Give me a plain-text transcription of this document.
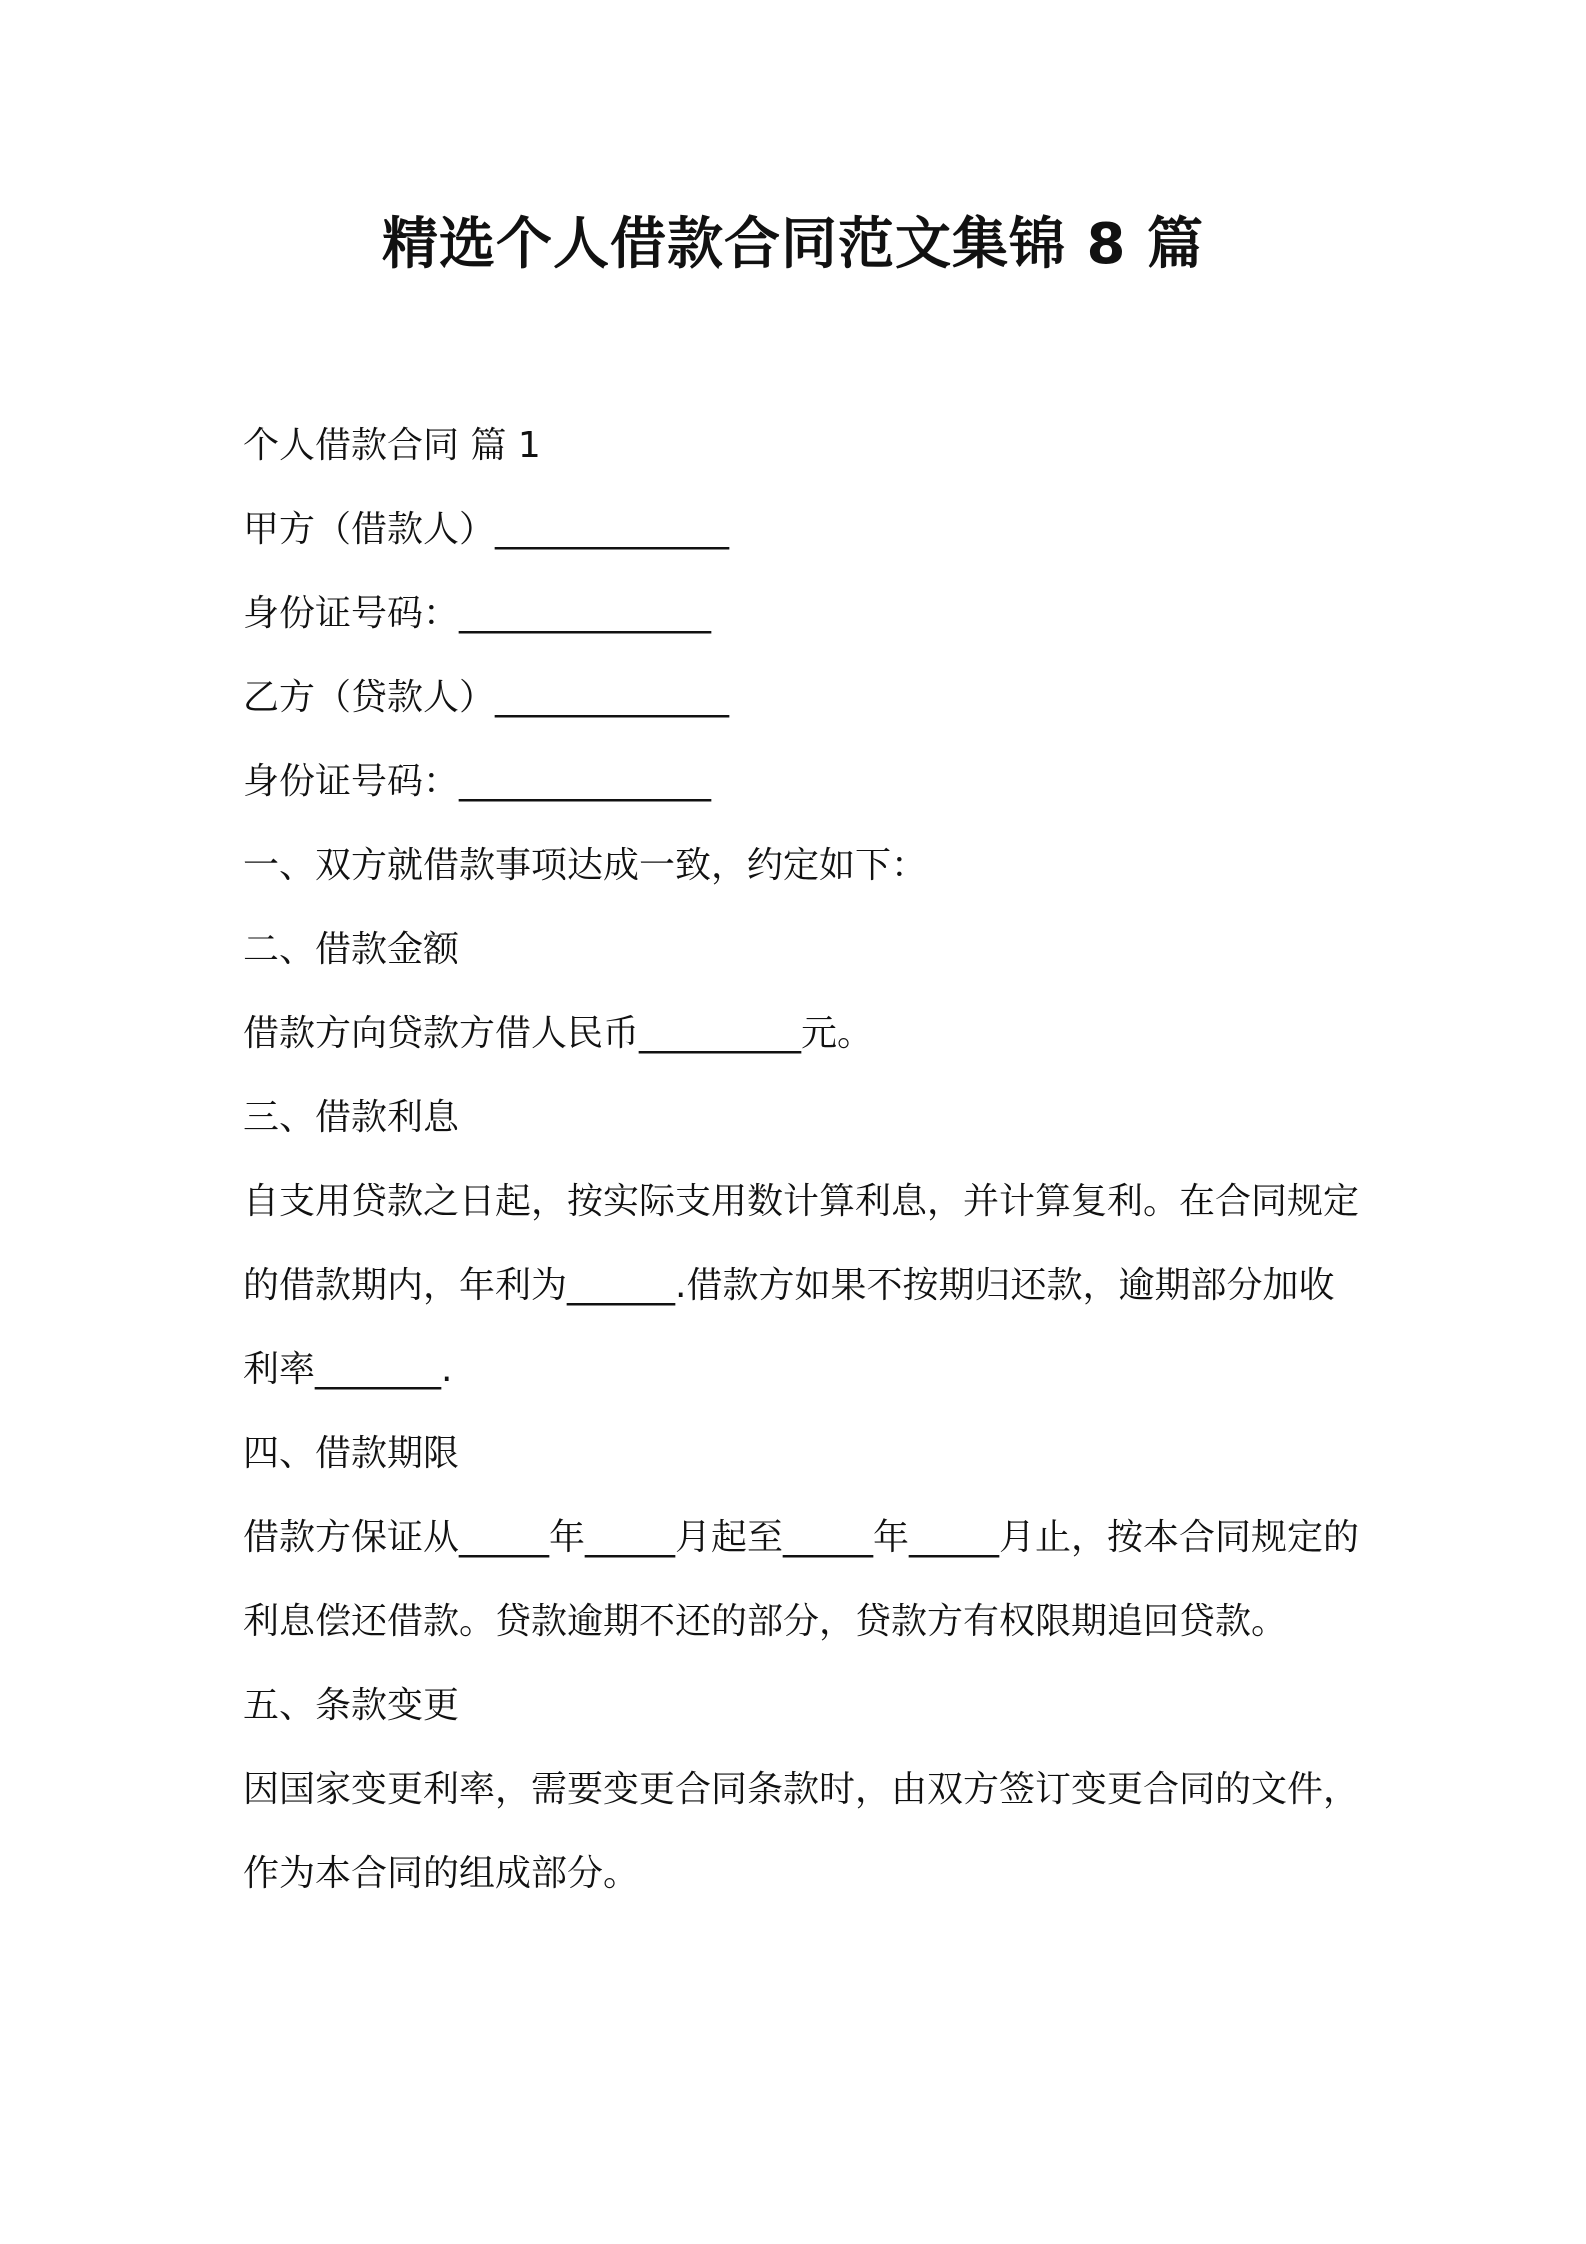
精选个人借款合同范文集锦 8 篇

个人借款合同 篇 1

甲方（借款人）_____________

身份证号码：______________

乙方（贷款人）_____________

身份证号码：______________

一、双方就借款事项达成一致，约定如下：

二、借款金额

借款方向贷款方借人民币_________元。

三、借款利息

自支用贷款之日起，按实际支用数计算利息，并计算复利。在合同规定的借款期内，年利为______.借款方如果不按期归还款，逾期部分加收利率_______.

四、借款期限

借款方保证从_____年_____月起至_____年_____月止，按本合同规定的利息偿还借款。贷款逾期不还的部分，贷款方有权限期追回贷款。

五、条款变更

因国家变更利率，需要变更合同条款时，由双方签订变更合同的文件，作为本合同的组成部分。
